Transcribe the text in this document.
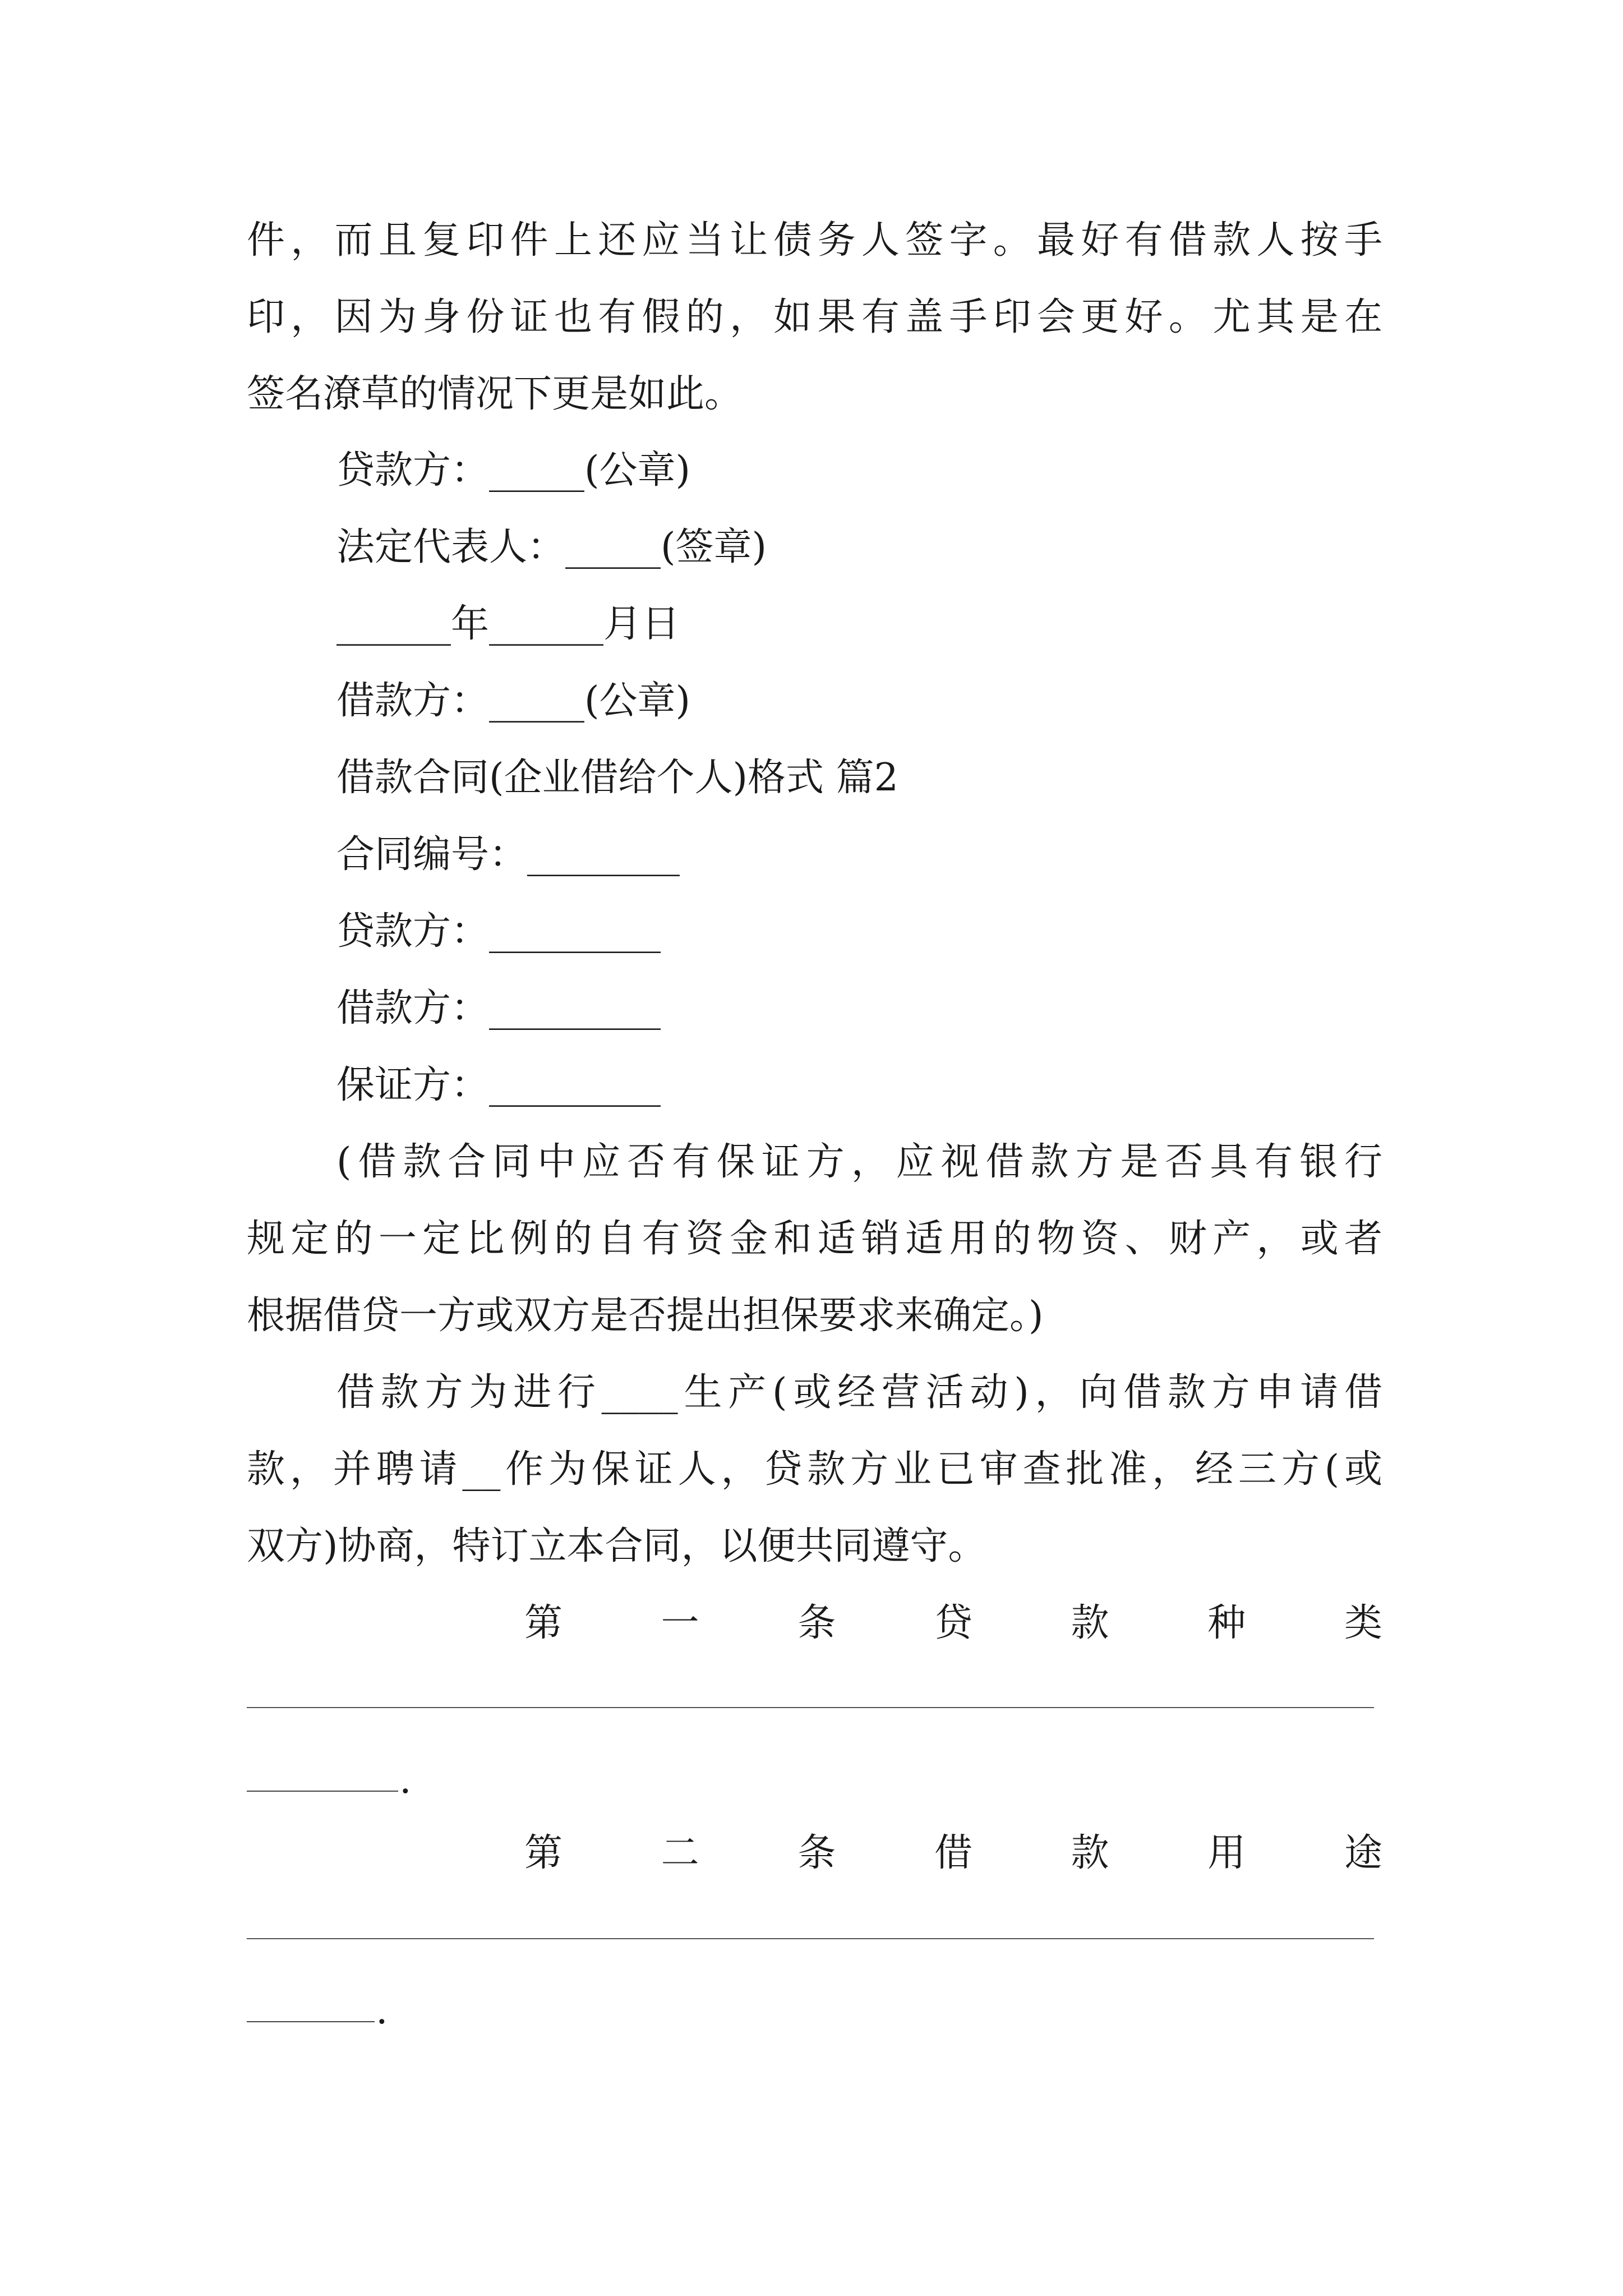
件，而且复印件上还应当让债务人签字。最好有借款人按手
印，因为身份证也有假的，如果有盖手印会更好。尤其是在
签名潦草的情况下更是如此。
贷款方：_____(公章)
法定代表人：_____(签章)
______年______月日
借款方：_____(公章)
借款合同(企业借给个人)格式 篇2
合同编号：________
贷款方：_________
借款方：_________
保证方：_________
(借款合同中应否有保证方，应视借款方是否具有银行
规定的一定比例的自有资金和适销适用的物资、财产，或者
根据借贷一方或双方是否提出担保要求来确定。)
借款方为进行____生产(或经营活动)，向借款方申请借
款，并聘请__作为保证人，贷款方业已审查批准，经三方(或
双方)协商，特订立本合同，以便共同遵守。
第	一	条	贷	款	种	类
.
第	二	条	借	款	用	途
.
